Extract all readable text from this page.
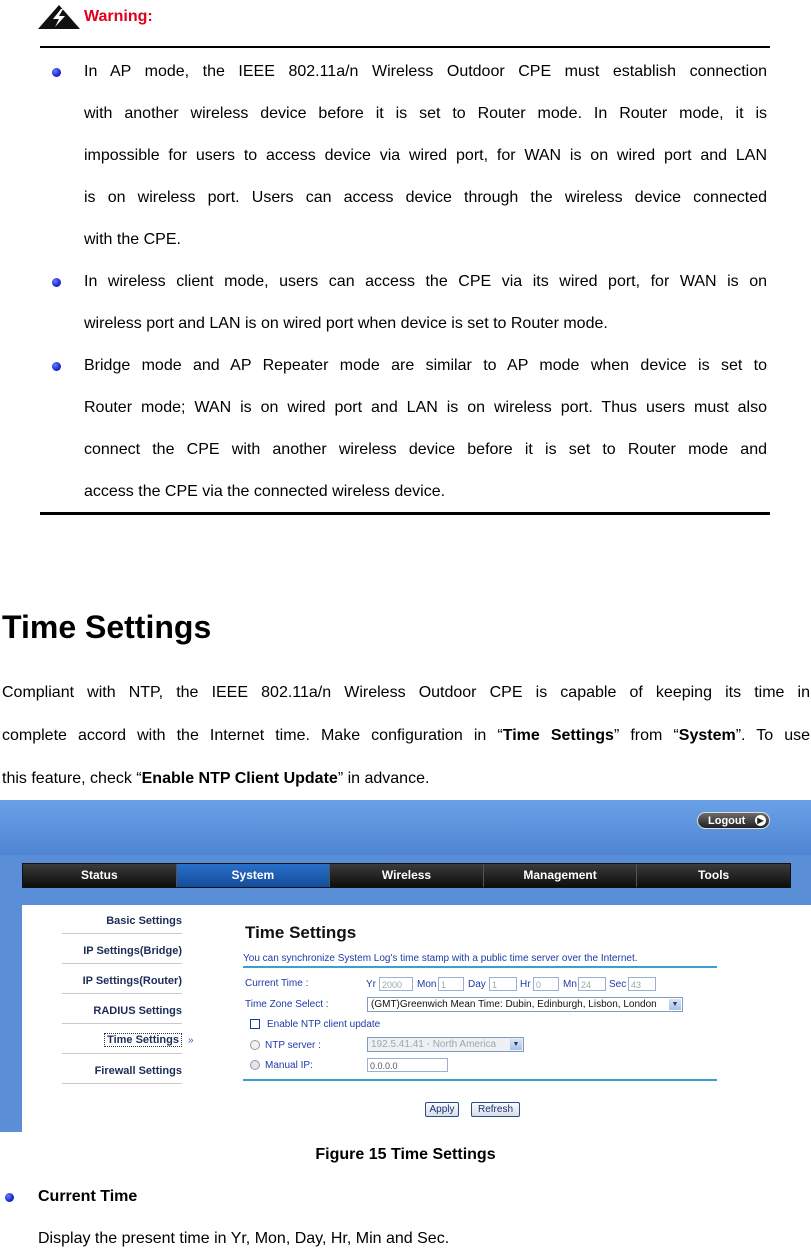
Warning:
In AP mode, the IEEE 802.11a/n Wireless Outdoor CPE must establish connection
with another wireless device before it is set to Router mode. In Router mode, it is
impossible for users to access device via wired port, for WAN is on wired port and LAN
is on wireless port. Users can access device through the wireless device connected
with the CPE.
In wireless client mode, users can access the CPE via its wired port, for WAN is on
wireless port and LAN is on wired port when device is set to Router mode.
Bridge mode and AP Repeater mode are similar to AP mode when device is set to
Router mode; WAN is on wired port and LAN is on wireless port. Thus users must also
connect the CPE with another wireless device before it is set to Router mode and
access the CPE via the connected wireless device.
Time Settings
Compliant with NTP, the IEEE 802.11a/n Wireless Outdoor CPE is capable of keeping its time in
complete accord with the Internet time. Make configuration in “Time Settings” from “System”. To use
this feature, check “Enable NTP Client Update” in advance.
Logout	▶
Status	System	Wireless	Management	Tools
Basic Settings
IP Settings(Bridge)
IP Settings(Router)
RADIUS Settings
Time Settings »
Firewall Settings
Time Settings
You can synchronize System Log's time stamp with a public time server over the Internet.
Current Time :	Yr 2000	Mon 1	Day 1	Hr 0	Mn 24	Sec 43
Time Zone Select :	(GMT)Greenwich Mean Time: Dubin, Edinburgh, Lisbon, London	▼
Enable NTP client update
NTP server :	192.5.41.41 - North America	▼
Manual IP:	0.0.0.0
Apply	Refresh
Figure 15 Time Settings
Current Time
Display the present time in Yr, Mon, Day, Hr, Min and Sec.
